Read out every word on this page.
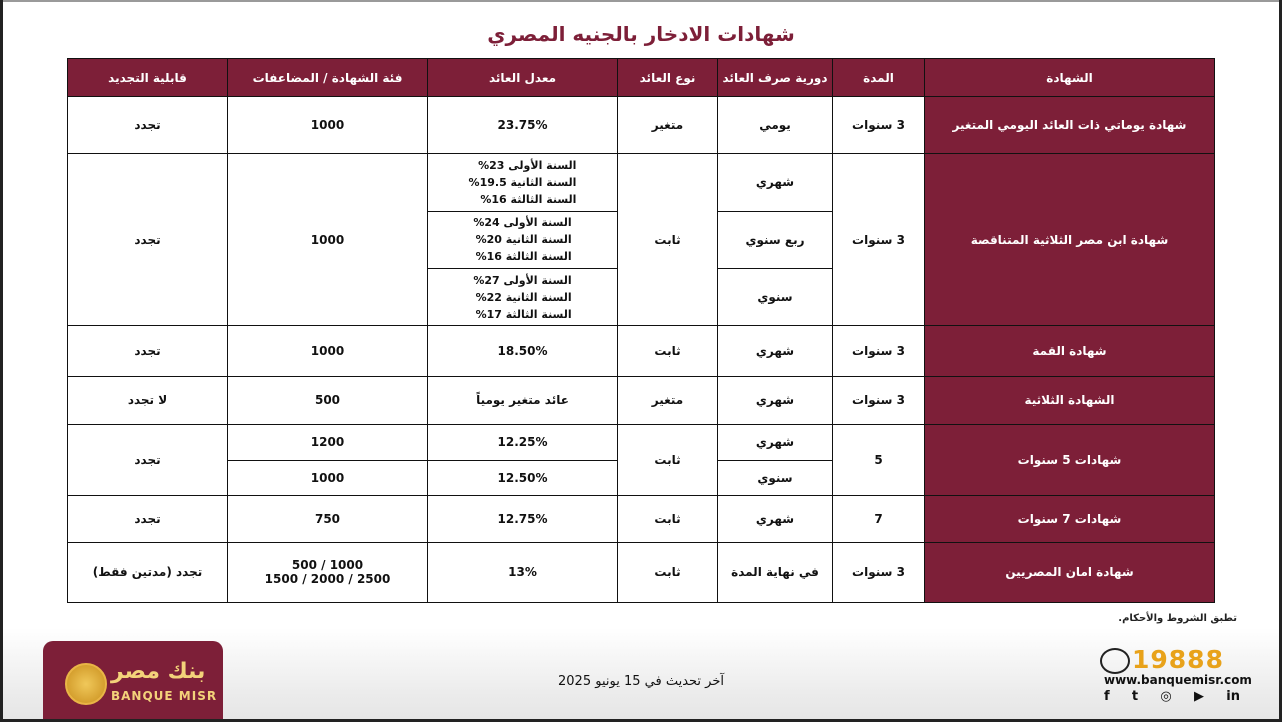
شهادات الادخار بالجنيه المصري
الشهادة	المدة	دورية صرف العائد	نوع العائد	معدل العائد	فئة الشهادة / المضاعفات	قابلية التجديد
شهادة يوماتي ذات العائد اليومي المتغير	3 سنوات	يومي	متغير	23.75%	1000	تجدد
شهادة ابن مصر الثلاثية المتناقصة	3 سنوات	شهري	ثابت	السنة الأولى 23%
السنة الثانية 19.5%
السنة الثالثة 16%	1000	تجدد
		ربع سنوي		السنة الأولى 24%
السنة الثانية 20%
السنة الثالثة 16%		

		سنوي		السنة الأولى 27%
السنة الثانية 22%
السنة الثالثة 17%		

شهادة القمة	3 سنوات	شهري	ثابت	18.50%	1000	تجدد
الشهادة الثلاثية	3 سنوات	شهري	متغير	عائد متغير يومياً	500	لا تجدد
شهادات 5 سنوات	5	شهري	ثابت	12.25%	1200	تجدد
		سنوي		12.50%	1000	
شهادات 7 سنوات	7	شهري	ثابت	12.75%	750	تجدد
شهادة امان المصريين	3 سنوات	في نهاية المدة	ثابت	13%	1000 / 500
2500 / 2000 / 1500	تجدد (مدتين فقط)
تطبق الشروط والأحكام.
بنك مصر
BANQUE MISR
آخر تحديث في 15 يونيو 2025
19888
www.banquemisr.com
f t ◎ ▶ in
